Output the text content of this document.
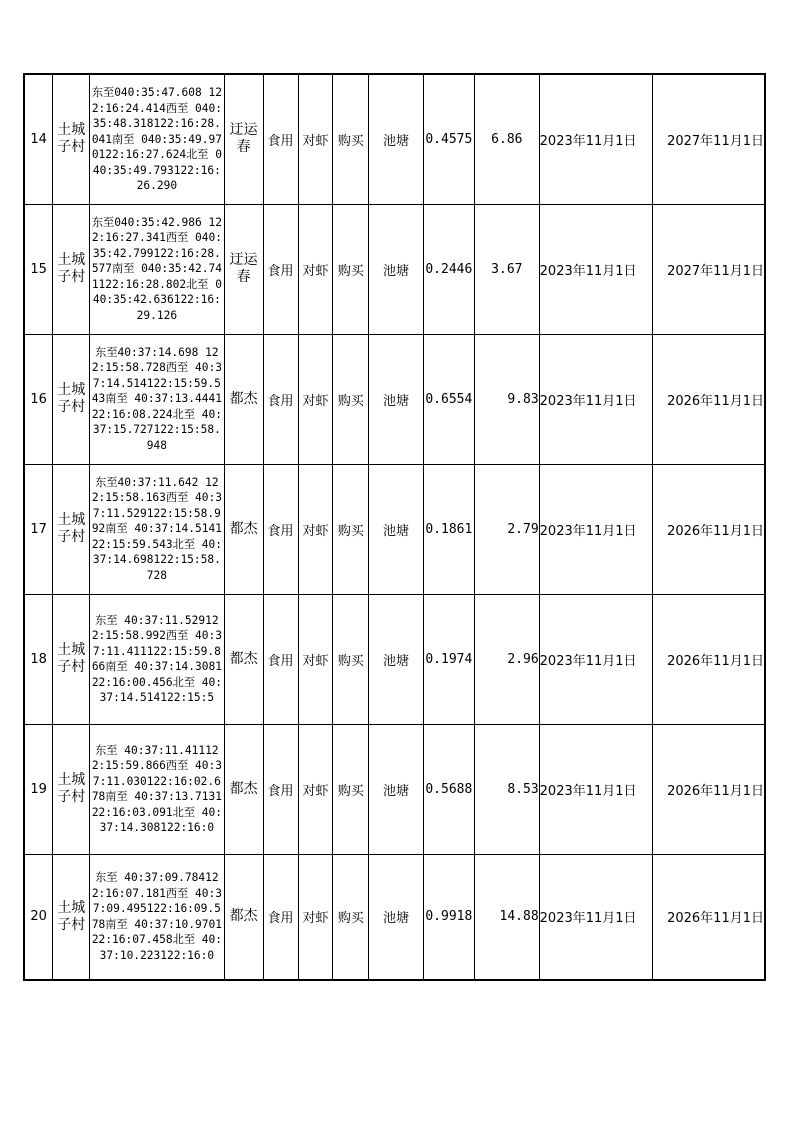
14	土城子村	东至040:35:47.608 122:16:24.414西至 040:35:48.318122:16:28.041南至 040:35:49.970122:16:27.624北至 040:35:49.793122:16:26.290	迂运春	食用	对虾	购买	池塘	0.4575	6.86	2023年11月1日	2027年11月1日
15	土城子村	东至040:35:42.986 122:16:27.341西至 040:35:42.799122:16:28.577南至 040:35:42.741122:16:28.802北至 040:35:42.636122:16:29.126	迂运春	食用	对虾	购买	池塘	0.2446	3.67	2023年11月1日	2027年11月1日
16	土城子村	东至40:37:14.698 122:15:58.728西至 40:37:14.514122:15:59.543南至 40:37:13.444122:16:08.224北至 40:37:15.727122:15:58.948	都杰	食用	对虾	购买	池塘	0.6554	9.83	2023年11月1日	2026年11月1日
17	土城子村	东至40:37:11.642 122:15:58.163西至 40:37:11.529122:15:58.992南至 40:37:14.514122:15:59.543北至 40:37:14.698122:15:58.728	都杰	食用	对虾	购买	池塘	0.1861	2.79	2023年11月1日	2026年11月1日
18	土城子村	东至 40:37:11.529122:15:58.992西至 40:37:11.411122:15:59.866南至 40:37:14.308122:16:00.456北至 40:37:14.514122:15:5	都杰	食用	对虾	购买	池塘	0.1974	2.96	2023年11月1日	2026年11月1日
19	土城子村	东至 40:37:11.411122:15:59.866西至 40:37:11.030122:16:02.678南至 40:37:13.713122:16:03.091北至 40:37:14.308122:16:0	都杰	食用	对虾	购买	池塘	0.5688	8.53	2023年11月1日	2026年11月1日
20	土城子村	东至 40:37:09.784122:16:07.181西至 40:37:09.495122:16:09.578南至 40:37:10.970122:16:07.458北至 40:37:10.223122:16:0	都杰	食用	对虾	购买	池塘	0.9918	14.88	2023年11月1日	2026年11月1日
